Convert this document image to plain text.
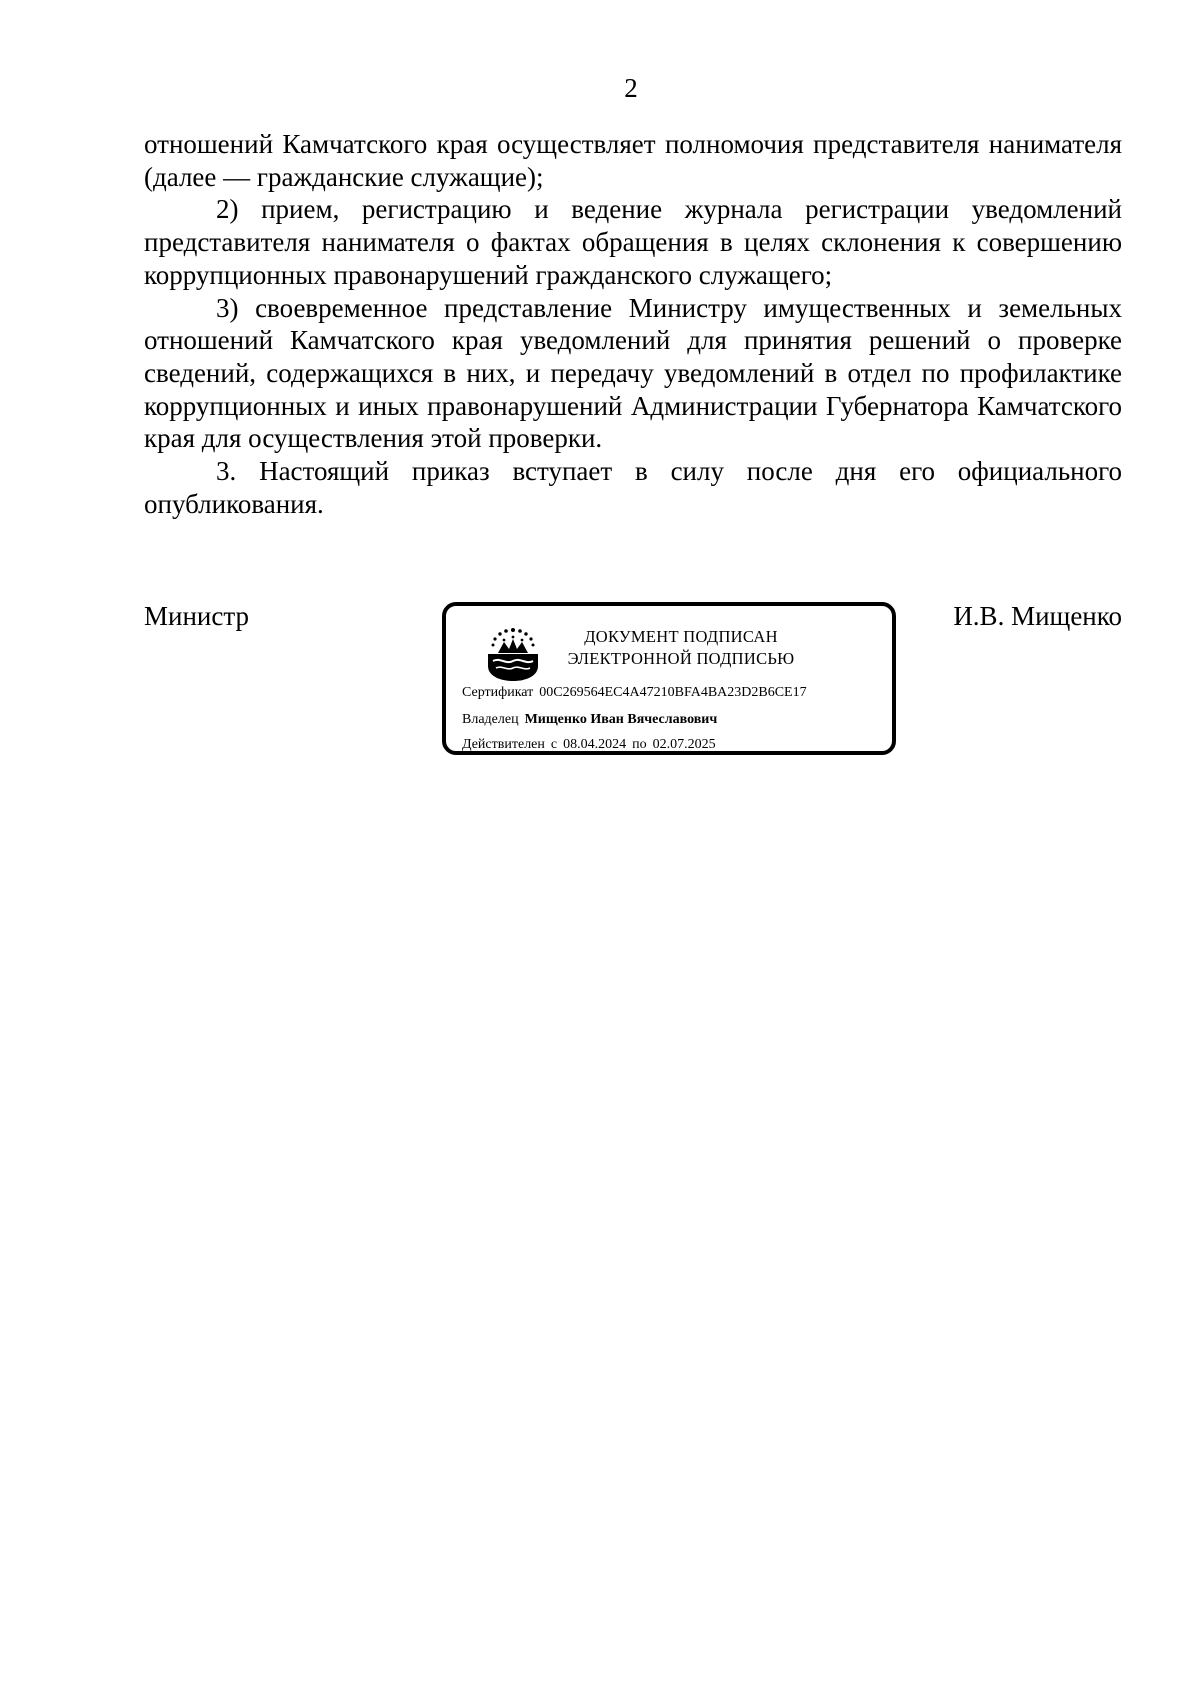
2

отношений Камчатского края осуществляет полномочия представителя нанимателя (далее — гражданские служащие);

2) прием, регистрацию и ведение журнала регистрации уведомлений представителя нанимателя о фактах обращения в целях склонения к совершению коррупционных правонарушений гражданского служащего;

3) своевременное представление Министру имущественных и земельных отношений Камчатского края уведомлений для принятия решений о проверке сведений, содержащихся в них, и передачу уведомлений в отдел по профилактике коррупционных и иных правонарушений Администрации Губернатора Камчатского края для осуществления этой проверки.

3. Настоящий приказ вступает в силу после дня его официального опубликования.

Министр	И.В. Мищенко
ДОКУМЕНТ ПОДПИСАН
ЭЛЕКТРОННОЙ ПОДПИСЬЮ
Сертификат 00C269564EC4A47210BFA4BA23D2B6CE17
Владелец Мищенко Иван Вячеславович
Действителен с 08.04.2024 по 02.07.2025
